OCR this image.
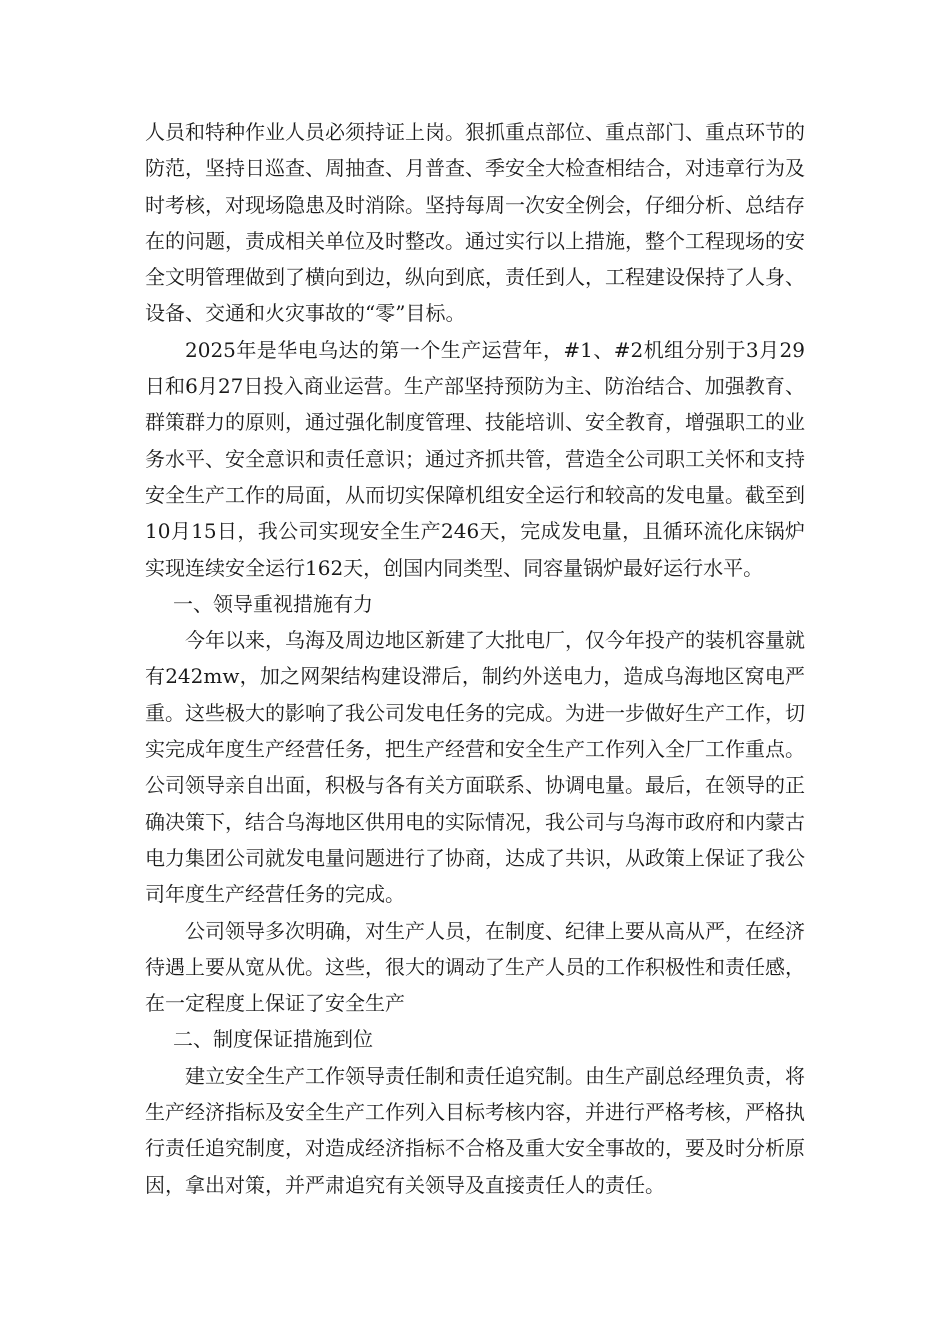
人员和特种作业人员必须持证上岗。狠抓重点部位、重点部门、重点环节的防范，坚持日巡查、周抽查、月普查、季安全大检查相结合，对违章行为及时考核，对现场隐患及时消除。坚持每周一次安全例会，仔细分析、总结存在的问题，责成相关单位及时整改。通过实行以上措施，整个工程现场的安全文明管理做到了横向到边，纵向到底，责任到人，工程建设保持了人身、设备、交通和火灾事故的“零”目标。

2025年是华电乌达的第一个生产运营年，#1、#2机组分别于3月29日和6月27日投入商业运营。生产部坚持预防为主、防治结合、加强教育、群策群力的原则，通过强化制度管理、技能培训、安全教育，增强职工的业务水平、安全意识和责任意识；通过齐抓共管，营造全公司职工关怀和支持安全生产工作的局面，从而切实保障机组安全运行和较高的发电量。截至到10月15日，我公司实现安全生产246天，完成发电量，且循环流化床锅炉实现连续安全运行162天，创国内同类型、同容量锅炉最好运行水平。

一、领导重视措施有力

今年以来，乌海及周边地区新建了大批电厂，仅今年投产的装机容量就有242mw，加之网架结构建设滞后，制约外送电力，造成乌海地区窝电严重。这些极大的影响了我公司发电任务的完成。为进一步做好生产工作，切实完成年度生产经营任务，把生产经营和安全生产工作列入全厂工作重点。公司领导亲自出面，积极与各有关方面联系、协调电量。最后，在领导的正确决策下，结合乌海地区供用电的实际情况，我公司与乌海市政府和内蒙古电力集团公司就发电量问题进行了协商，达成了共识，从政策上保证了我公司年度生产经营任务的完成。

公司领导多次明确，对生产人员，在制度、纪律上要从高从严，在经济待遇上要从宽从优。这些，很大的调动了生产人员的工作积极性和责任感，在一定程度上保证了安全生产

二、制度保证措施到位

建立安全生产工作领导责任制和责任追究制。由生产副总经理负责，将生产经济指标及安全生产工作列入目标考核内容，并进行严格考核，严格执行责任追究制度，对造成经济指标不合格及重大安全事故的，要及时分析原因，拿出对策，并严肃追究有关领导及直接责任人的责任。
